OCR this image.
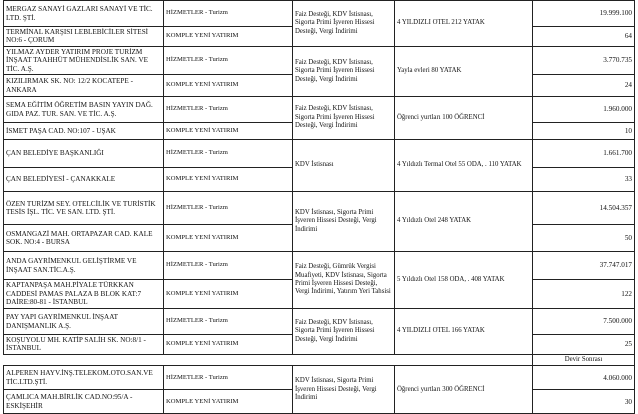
MERGAZ SANAYİ GAZLARI SANAYİ VE TİC. LTD. ŞTİ.	HİZMETLER - Turizm	Faiz Desteği, KDV İstisnası, Sigorta Primi İşveren Hissesi Desteği, Vergi İndirimi	4 YILDIZLI OTEL 212 YATAK	19.999.100
TERMİNAL KARŞISI LEBLEBİCİLER SİTESİ NO:6 - ÇORUM	KOMPLE YENİ YATIRIM			64
YILMAZ AYDER YATIRIM PROJE TURİZM İNŞAAT TAAHHÜT MÜHENDİSLİK SAN. VE TİC. A.Ş.	HİZMETLER - Turizm	Faiz Desteği, KDV İstisnası, Sigorta Primi İşveren Hissesi Desteği, Vergi İndirimi	Yayla evleri 80 YATAK	3.770.735
KIZILIRMAK SK. NO: 12/2 KOCATEPE - ANKARA	KOMPLE YENİ YATIRIM			24
SEMA EĞİTİM ÖĞRETİM BASIN YAYIN DAĞ. GIDA PAZ. TUR. SAN. VE TİC. A.Ş.	HİZMETLER - Turizm	Faiz Desteği, KDV İstisnası, Sigorta Primi İşveren Hissesi Desteği, Vergi İndirimi	Öğrenci yurtları 100 ÖĞRENCİ	1.960.000
İSMET PAŞA CAD. NO:107 - UŞAK	KOMPLE YENİ YATIRIM			10
ÇAN BELEDİYE BAŞKANLIĞI	HİZMETLER - Turizm	KDV İstisnası	4 Yıldızlı Termal Otel 55 ODA, . 110 YATAK	1.661.700
ÇAN BELEDİYESİ - ÇANAKKALE	KOMPLE YENİ YATIRIM			33
ÖZEN TURİZM SEY. OTELCİLİK VE TURİSTİK TESİS İŞL. TİC. VE SAN. LTD. ŞTİ.	HİZMETLER - Turizm	KDV İstisnası, Sigorta Primi İşveren Hissesi Desteği, Vergi İndirimi	4 Yıldızlı Otel 248 YATAK	14.504.357
OSMANGAZİ MAH. ORTAPAZAR CAD. KALE SOK. NO:4 - BURSA	KOMPLE YENİ YATIRIM			50
ANDA GAYRİMENKUL GELİŞTİRME VE İNŞAAT SAN.TİC.A.Ş.	HİZMETLER - Turizm	Faiz Desteği, Gümrük Vergisi Muafiyeti, KDV İstisnası, Sigorta Primi İşveren Hissesi Desteği, Vergi İndirimi, Yatırım Yeri Tahsisi	5 Yıldızlı Otel 158 ODA, . 408 YATAK	37.747.017
KAPTANPAŞA MAH.PİYALE TÜRKKAN CADDESİ PAMAS PALAZA B BLOK KAT:7 DAİRE:80-81 - İSTANBUL	KOMPLE YENİ YATIRIM			122
PAY YAPI GAYRİMENKUL İNŞAAT DANIŞMANLIK A.Ş.	HİZMETLER - Turizm	Faiz Desteği, KDV İstisnası, Sigorta Primi İşveren Hissesi Desteği, Vergi İndirimi	4 YILDIZLI OTEL 166 YATAK	7.500.000
KOŞUYOLU MH. KATİP SALİH SK. NO:8/1 - İSTANBUL	KOMPLE YENİ YATIRIM			25
				Devir Sonrası
ALPEREN HAYV.İNŞ.TELEKOM.OTO.SAN.VE TİC.LTD.ŞTİ.	HİZMETLER - Turizm	KDV İstisnası, Sigorta Primi İşveren Hissesi Desteği, Vergi İndirimi	Öğrenci yurtları 300 ÖĞRENCİ	4.060.000
ÇAMLICA MAH.BİRLİK CAD.NO:95/A - ESKİŞEHİR	KOMPLE YENİ YATIRIM			30
